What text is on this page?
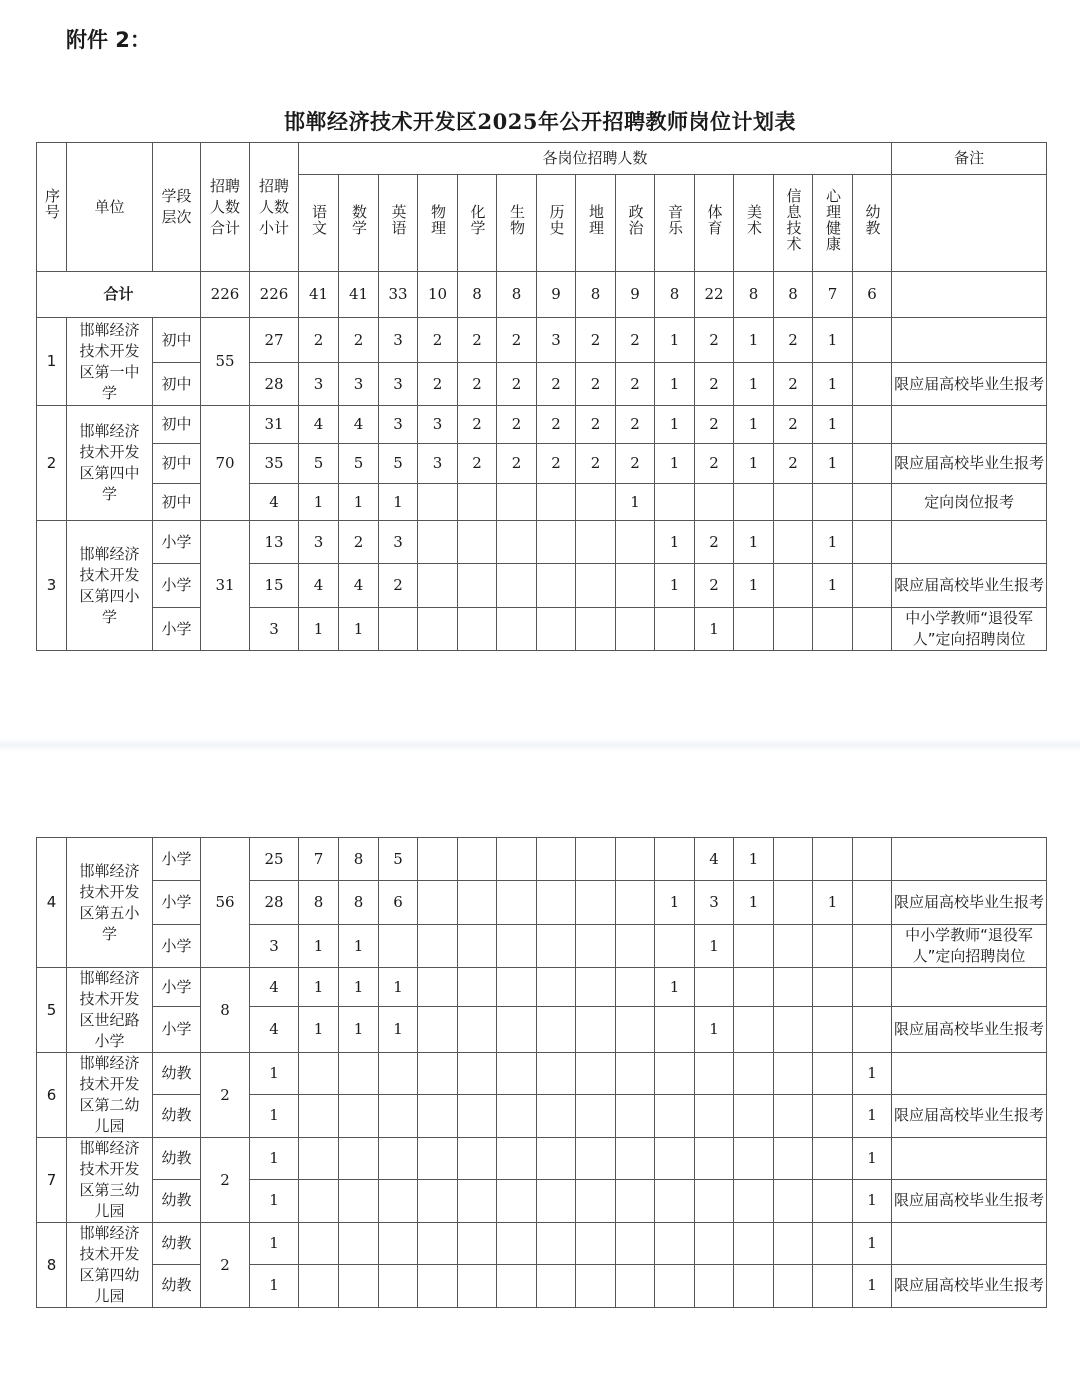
附件 2：
邯郸经济技术开发区2025年公开招聘教师岗位计划表
序号	单位	学段层次	招聘人数合计	招聘人数小计	各岗位招聘人数															备注
					语文	数学	英语	物理	化学	生物	历史	地理	政治	音乐	体育	美术	信息技术	心理健康	幼教	
合计			226	226	41	41	33	10	8	8	9	8	9	8	22	8	8	7	6	
1	邯郸经济技术开发区第一中学	初中	55	27	2	2	3	2	2	2	3	2	2	1	2	1	2	1		
		初中		28	3	3	3	2	2	2	2	2	2	1	2	1	2	1		限应届高校毕业生报考
2	邯郸经济技术开发区第四中学	初中	70	31	4	4	3	3	2	2	2	2	2	1	2	1	2	1		
		初中		35	5	5	5	3	2	2	2	2	2	1	2	1	2	1		限应届高校毕业生报考
		初中		4	1	1	1						1							定向岗位报考
3	邯郸经济技术开发区第四小学	小学	31	13	3	2	3							1	2	1		1		
		小学		15	4	4	2							1	2	1		1		限应届高校毕业生报考
		小学		3	1	1									1					中小学教师“退役军人”定向招聘岗位
4	邯郸经济技术开发区第五小学	小学	56	25	7	8	5								4	1				
		小学		28	8	8	6							1	3	1		1		限应届高校毕业生报考
		小学		3	1	1									1					中小学教师“退役军人”定向招聘岗位
5	邯郸经济技术开发区世纪路小学	小学	8	4	1	1	1							1						
		小学		4	1	1	1								1					限应届高校毕业生报考
6	邯郸经济技术开发区第二幼儿园	幼教	2	1															1	
		幼教		1															1	限应届高校毕业生报考
7	邯郸经济技术开发区第三幼儿园	幼教	2	1															1	
		幼教		1															1	限应届高校毕业生报考
8	邯郸经济技术开发区第四幼儿园	幼教	2	1															1	
		幼教		1															1	限应届高校毕业生报考
